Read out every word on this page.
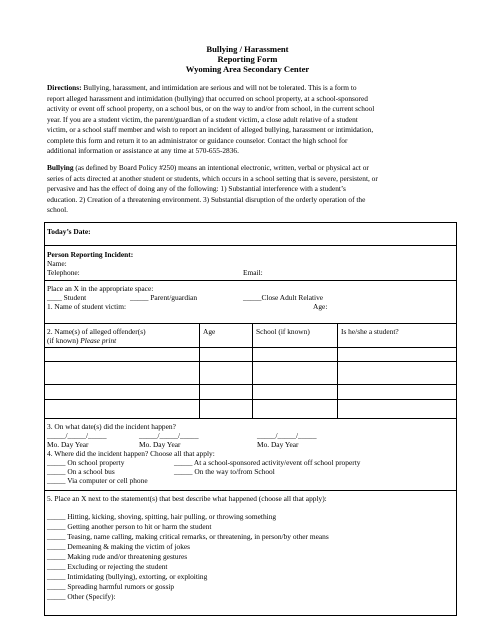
Bullying / Harassment
Reporting Form
Wyoming Area Secondary Center
Directions: Bullying, harassment, and intimidation are serious and will not be tolerated. This is a form to
report alleged harassment and intimidation (bullying) that occurred on school property, at a school-sponsored
activity or event off school property, on a school bus, or on the way to and/or from school, in the current school
year. If you are a student victim, the parent/guardian of a student victim, a close adult relative of a student
victim, or a school staff member and wish to report an incident of alleged bullying, harassment or intimidation,
complete this form and return it to an administrator or guidance counselor. Contact the high school for
additional information or assistance at any time at 570-655-2836.
Bullying (as defined by Board Policy #250) means an intentional electronic, written, verbal or physical act or
series of acts directed at another student or students, which occurs in a school setting that is severe, persistent, or
pervasive and has the effect of doing any of the following: 1) Substantial interference with a student’s
education. 2) Creation of a threatening environment. 3) Substantial disruption of the orderly operation of the
school.
Today’s Date:
Person Reporting Incident:
Name:
Telephone:	Email:
Place an X in the appropriate space:
____ Student	_____ Parent/guardian	_____Close Adult Relative
1. Name of student victim:	Age:
2. Name(s) of alleged offender(s)
(if known) Please print
Age	School (if known)	Is he/she a student?
3. On what date(s) did the incident happen?
_____/_____/_____	_____/_____/_____	_____/_____/_____
Mo. Day Year	Mo. Day Year	Mo. Day Year
4. Where did the incident happen? Choose all that apply:
_____ On school property	_____ At a school-sponsored activity/event off school property
_____ On a school bus	_____ On the way to/from School
_____ Via computer or cell phone
5. Place an X next to the statement(s) that best describe what happened (choose all that apply):
_____ Hitting, kicking, shoving, spitting, hair pulling, or throwing something
_____ Getting another person to hit or harm the student
_____ Teasing, name calling, making critical remarks, or threatening, in person/by other means
_____ Demeaning & making the victim of jokes
_____ Making rude and/or threatening gestures
_____ Excluding or rejecting the student
_____ Intimidating (bullying), extorting, or exploiting
_____ Spreading harmful rumors or gossip
_____ Other (Specify):
